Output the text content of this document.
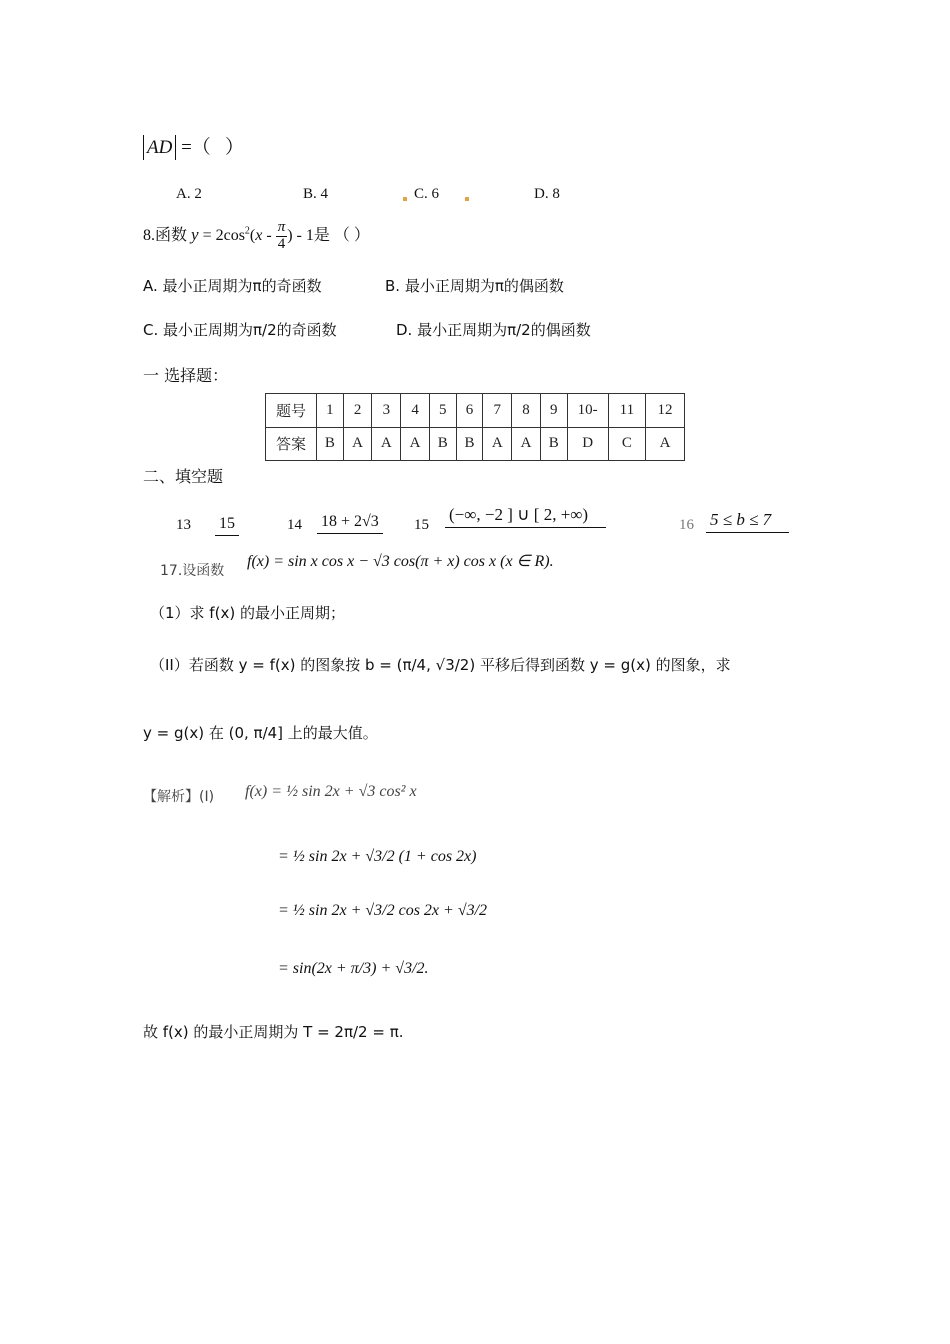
AD =（   ）
A. 2	B. 4	C. 6	D. 8
8.函数 $y = 2\cos^2(x - \frac{\pi}{4}$ ) - 1是 （ ）
A. 最小正周期为π的奇函数	B. 最小正周期为π的偶函数
C. 最小正周期为π/2的奇函数	D. 最小正周期为π/2的偶函数
一 选择题：
题号	1	2	3	4	5	6	7	8	9	10-	11	12
答案	B	A	A	A	B	B	A	A	B	D	C	A
二、填空题
13 15	14 18 + 2√3 15
(−∞, −2 ] ∪ [ 2, +∞)
16 5 ≤ b ≤ 7
17.设函数
f(x) = sin x cos x − √3 cos(π + x) cos x (x ∈ R).
（1）求 f(x) 的最小正周期；
（II）若函数 y = f(x) 的图象按 b = (π/4, √3/2) 平移后得到函数 y = g(x) 的图象，求
y = g(x) 在 (0, π/4] 上的最大值。
【解析】(I) f(x) = ½ sin 2x + √3 cos² x
= ½ sin 2x + √3/2 (1 + cos 2x)
= ½ sin 2x + √3/2 cos 2x + √3/2
= sin(2x + π/3) + √3/2.
故 f(x) 的最小正周期为 T = 2π/2 = π.
